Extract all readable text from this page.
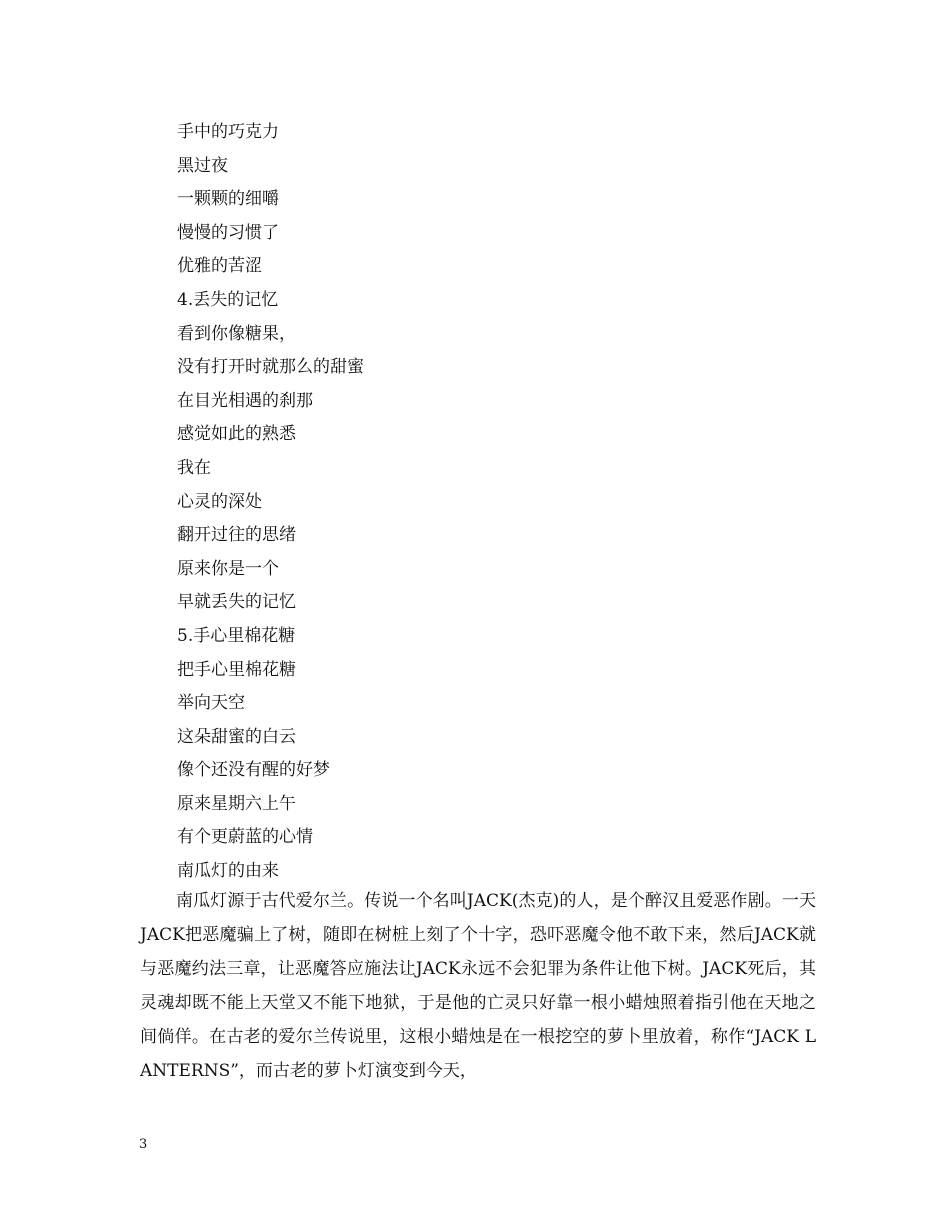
手中的巧克力
黑过夜
一颗颗的细嚼
慢慢的习惯了
优雅的苦涩
4.丢失的记忆
看到你像糖果，
没有打开时就那么的甜蜜
在目光相遇的刹那
感觉如此的熟悉
我在
心灵的深处
翻开过往的思绪
原来你是一个
早就丢失的记忆
5.手心里棉花糖
把手心里棉花糖
举向天空
这朵甜蜜的白云
像个还没有醒的好梦
原来星期六上午
有个更蔚蓝的心情
南瓜灯的由来
南瓜灯源于古代爱尔兰。传说一个名叫JACK(杰克)的人，是个醉汉且爱恶作剧。一天JACK把恶魔骗上了树，随即在树桩上刻了个十字，恐吓恶魔令他不敢下来，然后JACK就与恶魔约法三章，让恶魔答应施法让JACK永远不会犯罪为条件让他下树。JACK死后，其灵魂却既不能上天堂又不能下地狱，于是他的亡灵只好靠一根小蜡烛照着指引他在天地之间倘佯。在古老的爱尔兰传说里，这根小蜡烛是在一根挖空的萝卜里放着，称作“JACK LANTERNS”，而古老的萝卜灯演变到今天，
3
